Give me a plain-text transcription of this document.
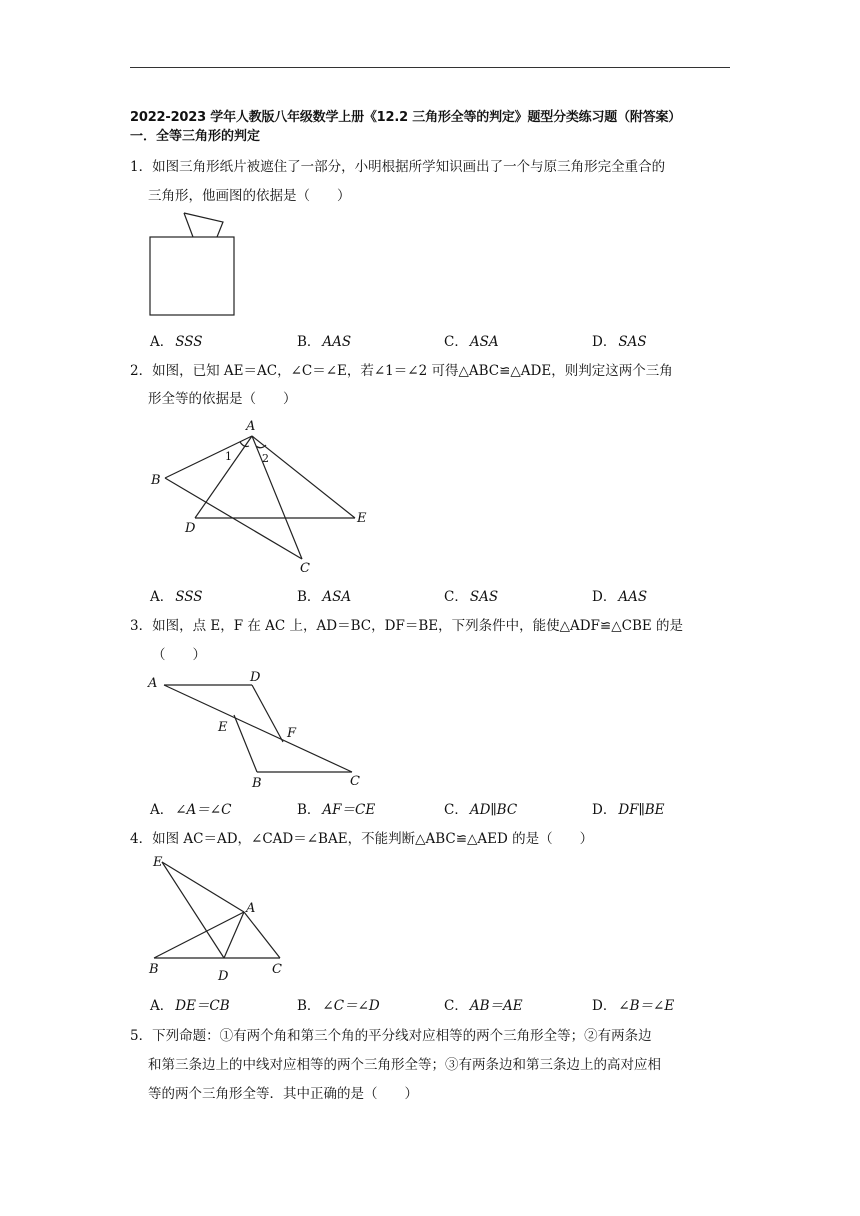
2022-2023 学年人教版八年级数学上册《12.2 三角形全等的判定》题型分类练习题（附答案）
一．全等三角形的判定
1．如图三角形纸片被遮住了一部分，小明根据所学知识画出了一个与原三角形完全重合的
三角形，他画图的依据是（　　）
A． SSS	B． AAS	C． ASA	D． SAS
2．如图，已知 AE＝AC，∠C＝∠E，若∠1＝∠2 可得△ABC≌△ADE，则判定这两个三角
形全等的依据是（　　）
A
B
C
D
E
1	2
A． SSS	B． ASA	C． SAS	D． AAS
3．如图，点 E，F 在 AC 上，AD＝BC，DF＝BE，下列条件中，能使△ADF≌△CBE 的是
（　　）
A	D
E	F
B	C
A． ∠A＝∠C	B． AF＝CE	C． AD∥BC	D． DF∥BE
4．如图 AC＝AD，∠CAD＝∠BAE，不能判断△ABC≌△AED 的是（　　）
E
A
B	D	C
A． DE＝CB	B． ∠C＝∠D	C． AB＝AE	D． ∠B＝∠E
5．下列命题：①有两个角和第三个角的平分线对应相等的两个三角形全等；②有两条边
和第三条边上的中线对应相等的两个三角形全等；③有两条边和第三条边上的高对应相
等的两个三角形全等．其中正确的是（　　）
